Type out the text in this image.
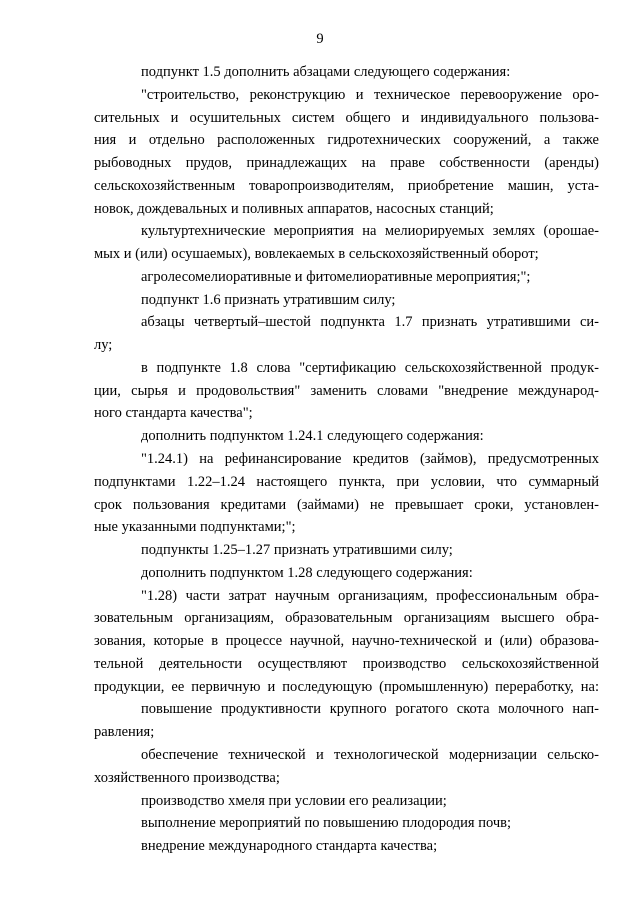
9
подпункт 1.5 дополнить абзацами следующего содержания:
"строительство, реконструкцию и техническое перевооружение оро-
сительных и осушительных систем общего и индивидуального пользова-
ния и отдельно расположенных гидротехнических сооружений, а также
рыбоводных прудов, принадлежащих на праве собственности (аренды)
сельскохозяйственным товаропроизводителям, приобретение машин, уста-
новок, дождевальных и поливных аппаратов, насосных станций;
культуртехнические мероприятия на мелиорируемых землях (орошае-
мых и (или) осушаемых), вовлекаемых в сельскохозяйственный оборот;
агролесомелиоративные и фитомелиоративные мероприятия;";
подпункт 1.6 признать утратившим силу;
абзацы четвертый–шестой подпункта 1.7 признать утратившими си-
лу;
в подпункте 1.8 слова "сертификацию сельскохозяйственной продук-
ции, сырья и продовольствия" заменить словами "внедрение международ-
ного стандарта качества";
дополнить подпунктом 1.24.1 следующего содержания:
"1.24.1) на рефинансирование кредитов (займов), предусмотренных
подпунктами 1.22–1.24 настоящего пункта, при условии, что суммарный
срок пользования кредитами (займами) не превышает сроки, установлен-
ные указанными подпунктами;";
подпункты 1.25–1.27 признать утратившими силу;
дополнить подпунктом 1.28 следующего содержания:
"1.28) части затрат научным организациям, профессиональным обра-
зовательным организациям, образовательным организациям высшего обра-
зования, которые в процессе научной, научно-технической и (или) образова-
тельной деятельности осуществляют производство сельскохозяйственной
продукции, ее первичную и последующую (промышленную) переработку, на:
повышение продуктивности крупного рогатого скота молочного нап-
равления;
обеспечение технической и технологической модернизации сельско-
хозяйственного производства;
производство хмеля при условии его реализации;
выполнение мероприятий по повышению плодородия почв;
внедрение международного стандарта качества;
